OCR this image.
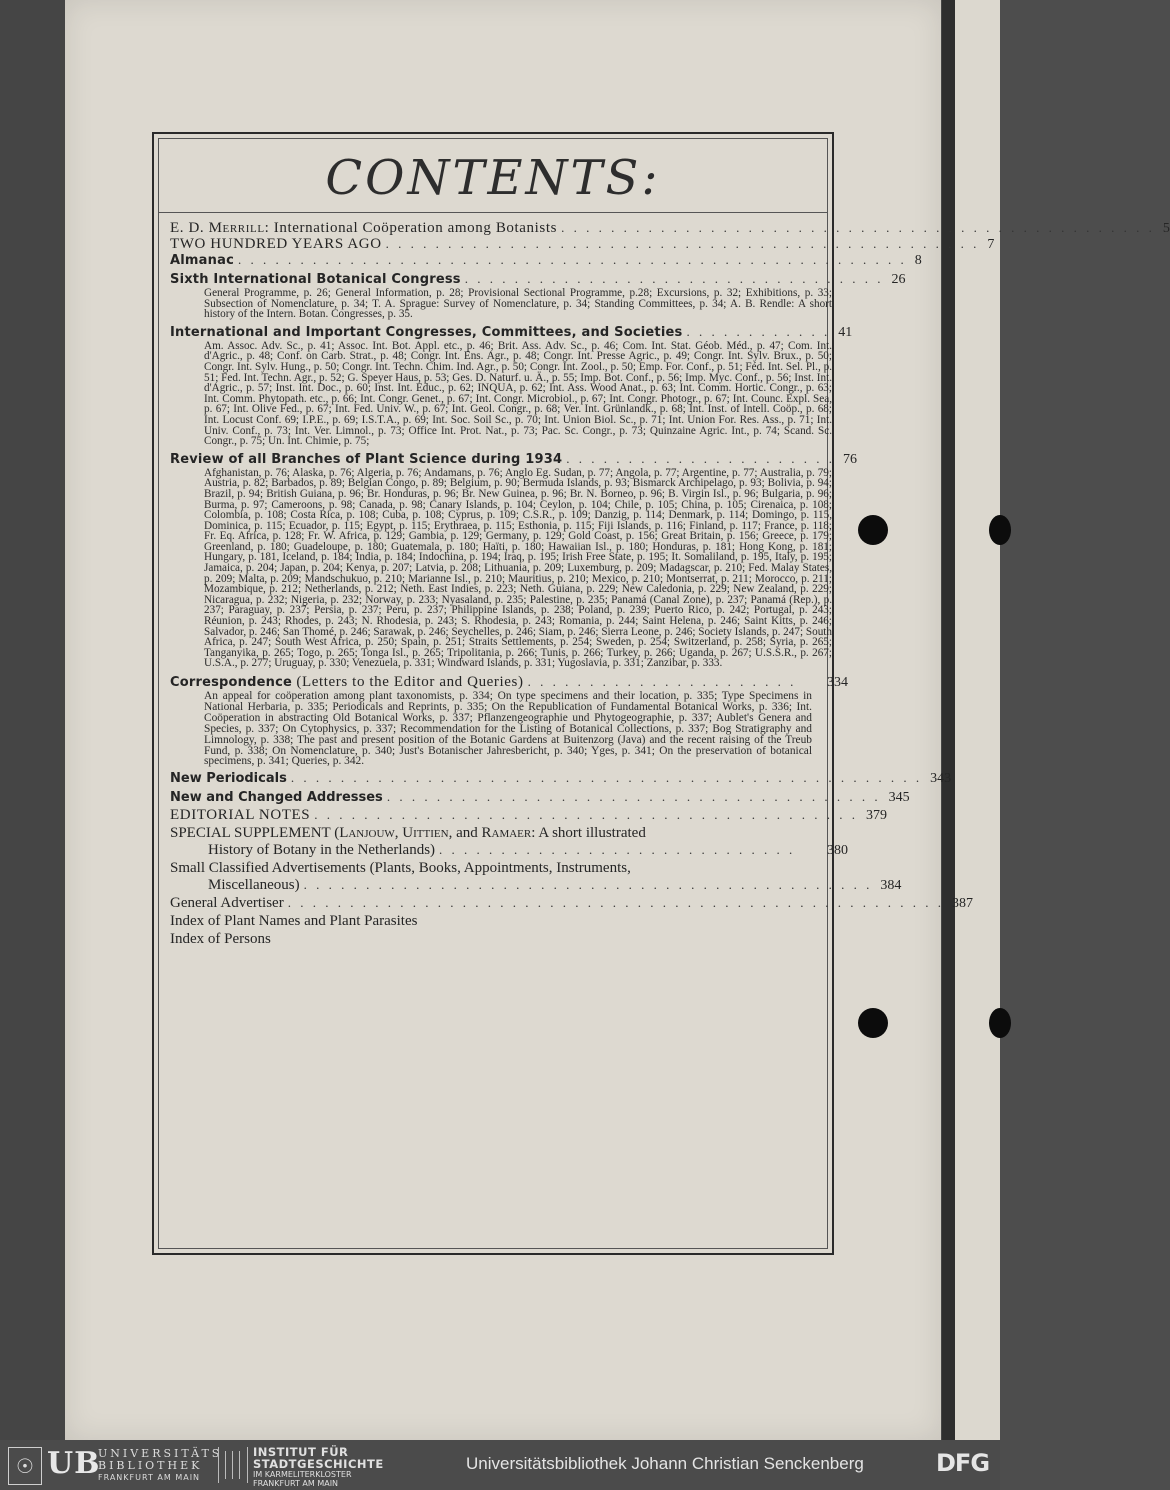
CONTENTS:
E. D. Merrill: International Coöperation among Botanists . . . . . . . . . . . . . . . . . . . . . . . . . . . . . . . . . . . . . . . . . . . . . . . . 5
TWO HUNDRED YEARS AGO . . . . . . . . . . . . . . . . . . . . . . . . . . . . . . . . . . . . . . . . . . . . . . . . 7
Almanac . . . . . . . . . . . . . . . . . . . . . . . . . . . . . . . . . . . . . . . . . . . . . . . . . . . . . . 8
Sixth International Botanical Congress . . . . . . . . . . . . . . . . . . . . . . . . . . . . . . . . . . 26
General Programme, p. 26; General Information, p. 28; Provisional Sectional Programme, p.28; Excursions, p. 32; Exhibitions, p. 33; Subsection of Nomenclature, p. 34; T. A. Sprague: Survey of Nomenclature, p. 34; Standing Committees, p. 34; A. B. Rendle: A short history of the Intern. Botan. Congresses, p. 35.
International and Important Congresses, Committees, and Societies . . . . . . . . . . . . 41
Am. Assoc. Adv. Sc., p. 41; Assoc. Int. Bot. Appl. etc., p. 46; Brit. Ass. Adv. Sc., p. 46; Com. Int. Stat. Géob. Méd., p. 47; Com. Int. d'Agric., p. 48; Conf. on Carb. Strat., p. 48; Congr. Int. Ens. Agr., p. 48; Congr. Int. Presse Agric., p. 49; Congr. Int. Sylv. Brux., p. 50; Congr. Int. Sylv. Hung., p. 50; Congr. Int. Techn. Chim. Ind. Agr., p. 50; Congr. Int. Zool., p. 50; Emp. For. Conf., p. 51; Féd. Int. Sel. Pl., p. 51; Fed. Int. Techn. Agr., p. 52; G. Speyer Haus, p. 53; Ges. D. Naturf. u. Ä., p. 55; Imp. Bot. Conf., p. 56; Imp. Myc. Conf., p. 56; Inst. Int. d'Agric., p. 57; Inst. Int. Doc., p. 60; Inst. Int. Educ., p. 62; INQUA, p. 62; Int. Ass. Wood Anat., p. 63; Int. Comm. Hortic. Congr., p. 63; Int. Comm. Phytopath. etc., p. 66; Int. Congr. Genet., p. 67; Int. Congr. Microbiol., p. 67; Int. Congr. Photogr., p. 67; Int. Counc. Expl. Sea, p. 67; Int. Olive Fed., p. 67; Int. Fed. Univ. W., p. 67; Int. Geol. Congr., p. 68; Ver. Int. Grünlandk., p. 68; Int. Inst. of Intell. Coöp., p. 68; Int. Locust Conf. 69; I.P.E., p. 69; I.S.T.A., p. 69; Int. Soc. Soil Sc., p. 70; Int. Union Biol. Sc., p. 71; Int. Union For. Res. Ass., p. 71; Int. Univ. Conf., p. 73; Int. Ver. Limnol., p. 73; Office Int. Prot. Nat., p. 73; Pac. Sc. Congr., p. 73; Quinzaine Agric. Int., p. 74; Scand. Sc. Congr., p. 75; Un. Int. Chimie, p. 75;
Review of all Branches of Plant Science during 1934 . . . . . . . . . . . . . . . . . . . . . . 76
Afghanistan, p. 76; Alaska, p. 76; Algeria, p. 76; Andamans, p. 76; Anglo Eg. Sudan, p. 77; Angola, p. 77; Argentine, p. 77; Australia, p. 79; Austria, p. 82; Barbados, p. 89; Belgian Congo, p. 89; Belgium, p. 90; Bermuda Islands, p. 93; Bismarck Archipelago, p. 93; Bolivia, p. 94; Brazil, p. 94; British Guiana, p. 96; Br. Honduras, p. 96; Br. New Guinea, p. 96; Br. N. Borneo, p. 96; B. Virgin Isl., p. 96; Bulgaria, p. 96; Burma, p. 97; Cameroons, p. 98; Canada, p. 98; Canary Islands, p. 104; Ceylon, p. 104; Chile, p. 105; China, p. 105; Cirenaica, p. 108; Colombia, p. 108; Costa Rica, p. 108; Cuba, p. 108; Cyprus, p. 109; C.S.R., p. 109; Danzig, p. 114; Denmark, p. 114; Domingo, p. 115, Dominica, p. 115; Ecuador, p. 115; Egypt, p. 115; Erythraea, p. 115; Esthonia, p. 115; Fiji Islands, p. 116; Finland, p. 117; France, p. 118; Fr. Eq. Africa, p. 128; Fr. W. Africa, p. 129; Gambia, p. 129; Germany, p. 129; Gold Coast, p. 156; Great Britain, p. 156; Greece, p. 179; Greenland, p. 180; Guadeloupe, p. 180; Guatemala, p. 180; Haïti, p. 180; Hawaiian Isl., p. 180; Honduras, p. 181; Hong Kong, p. 181; Hungary, p. 181, Iceland, p. 184; India, p. 184; Indochina, p. 194; Iraq, p. 195; Irish Free State, p. 195; It. Somaliland, p. 195, Italy, p. 195; Jamaica, p. 204; Japan, p. 204; Kenya, p. 207; Latvia, p. 208; Lithuania, p. 209; Luxemburg, p. 209; Madagscar, p. 210; Fed. Malay States, p. 209; Malta, p. 209; Mandschukuo, p. 210; Marianne Isl., p. 210; Mauritius, p. 210; Mexico, p. 210; Montserrat, p. 211; Morocco, p. 211; Mozambique, p. 212; Netherlands, p. 212; Neth. East Indies, p. 223; Neth. Guiana, p. 229; New Caledonia, p. 229; New Zealand, p. 229; Nicaragua, p. 232; Nigeria, p. 232; Norway, p. 233; Nyasaland, p. 235; Palestine, p. 235; Panamá (Canal Zone), p. 237; Panamá (Rep.), p. 237; Paraguay, p. 237; Persia, p. 237; Peru, p. 237; Philippine Islands, p. 238; Poland, p. 239; Puerto Rico, p. 242; Portugal, p. 243; Réunion, p. 243; Rhodes, p. 243; N. Rhodesia, p. 243; S. Rhodesia, p. 243; Romania, p. 244; Saint Helena, p. 246; Saint Kitts, p. 246; Salvador, p. 246; San Thomé, p. 246; Sarawak, p. 246; Seychelles, p. 246; Siam, p. 246; Sierra Leone, p. 246; Society Islands, p. 247; South Africa, p. 247; South West Africa, p. 250; Spain, p. 251; Straits Settlements, p. 254; Sweden, p. 254; Switzerland, p. 258; Syria, p. 265; Tanganyika, p. 265; Togo, p. 265; Tonga Isl., p. 265; Tripolitania, p. 266; Tunis, p. 266; Turkey, p. 266; Uganda, p. 267; U.S.S.R., p. 267; U.S.A., p. 277; Uruguay, p. 330; Venezuela, p. 331; Windward Islands, p. 331; Yugoslavia, p. 331; Zanzibar, p. 333.
Correspondence (Letters to the Editor and Queries) . . . . . . . . . . . . . . . . . . . . . .	334
An appeal for coöperation among plant taxonomists, p. 334; On type specimens and their location, p. 335; Type Specimens in National Herbaria, p. 335; Periodicals and Reprints, p. 335; On the Republication of Fundamental Botanical Works, p. 336; Int. Coöperation in abstracting Old Botanical Works, p. 337; Pflanzengeographie und Phytogeographie, p. 337; Aublet's Genera and Species, p. 337; On Cytophysics, p. 337; Recommendation for the Listing of Botanical Collections, p. 337; Bog Stratigraphy and Limnology, p. 338; The past and present position of the Botanic Gardens at Buitenzorg (Java) and the recent raising of the Treub Fund, p. 338; On Nomenclature, p. 340; Just's Botanischer Jahresbericht, p. 340; Yges, p. 341; On the preservation of botanical specimens, p. 341; Queries, p. 342.
New Periodicals . . . . . . . . . . . . . . . . . . . . . . . . . . . . . . . . . . . . . . . . . . . . . . . . . . . 343
New and Changed Addresses . . . . . . . . . . . . . . . . . . . . . . . . . . . . . . . . . . . . . . . . 345
EDITORIAL NOTES . . . . . . . . . . . . . . . . . . . . . . . . . . . . . . . . . . . . . . . . . . . . 379
SPECIAL SUPPLEMENT (Lanjouw, Uittien, and Ramaer: A short illustrated
History of Botany in the Netherlands) . . . . . . . . . . . . . . . . . . . . . . . . . . . . .	380
Small Classified Advertisements (Plants, Books, Appointments, Instruments,
Miscellaneous) . . . . . . . . . . . . . . . . . . . . . . . . . . . . . . . . . . . . . . . . . . . . . . 384
General Advertiser . . . . . . . . . . . . . . . . . . . . . . . . . . . . . . . . . . . . . . . . . . . . . . . . . . . . . 387
Index of Plant Names and Plant Parasites
Index of Persons
☉ UB
UNIVERSITÄTS
BIBLIOTHEK
FRANKFURT AM MAIN
INSTITUT FÜR
STADTGESCHICHTE
IM KARMELITERKLOSTER
FRANKFURT AM MAIN
Universitätsbibliothek Johann Christian Senckenberg	DFG
